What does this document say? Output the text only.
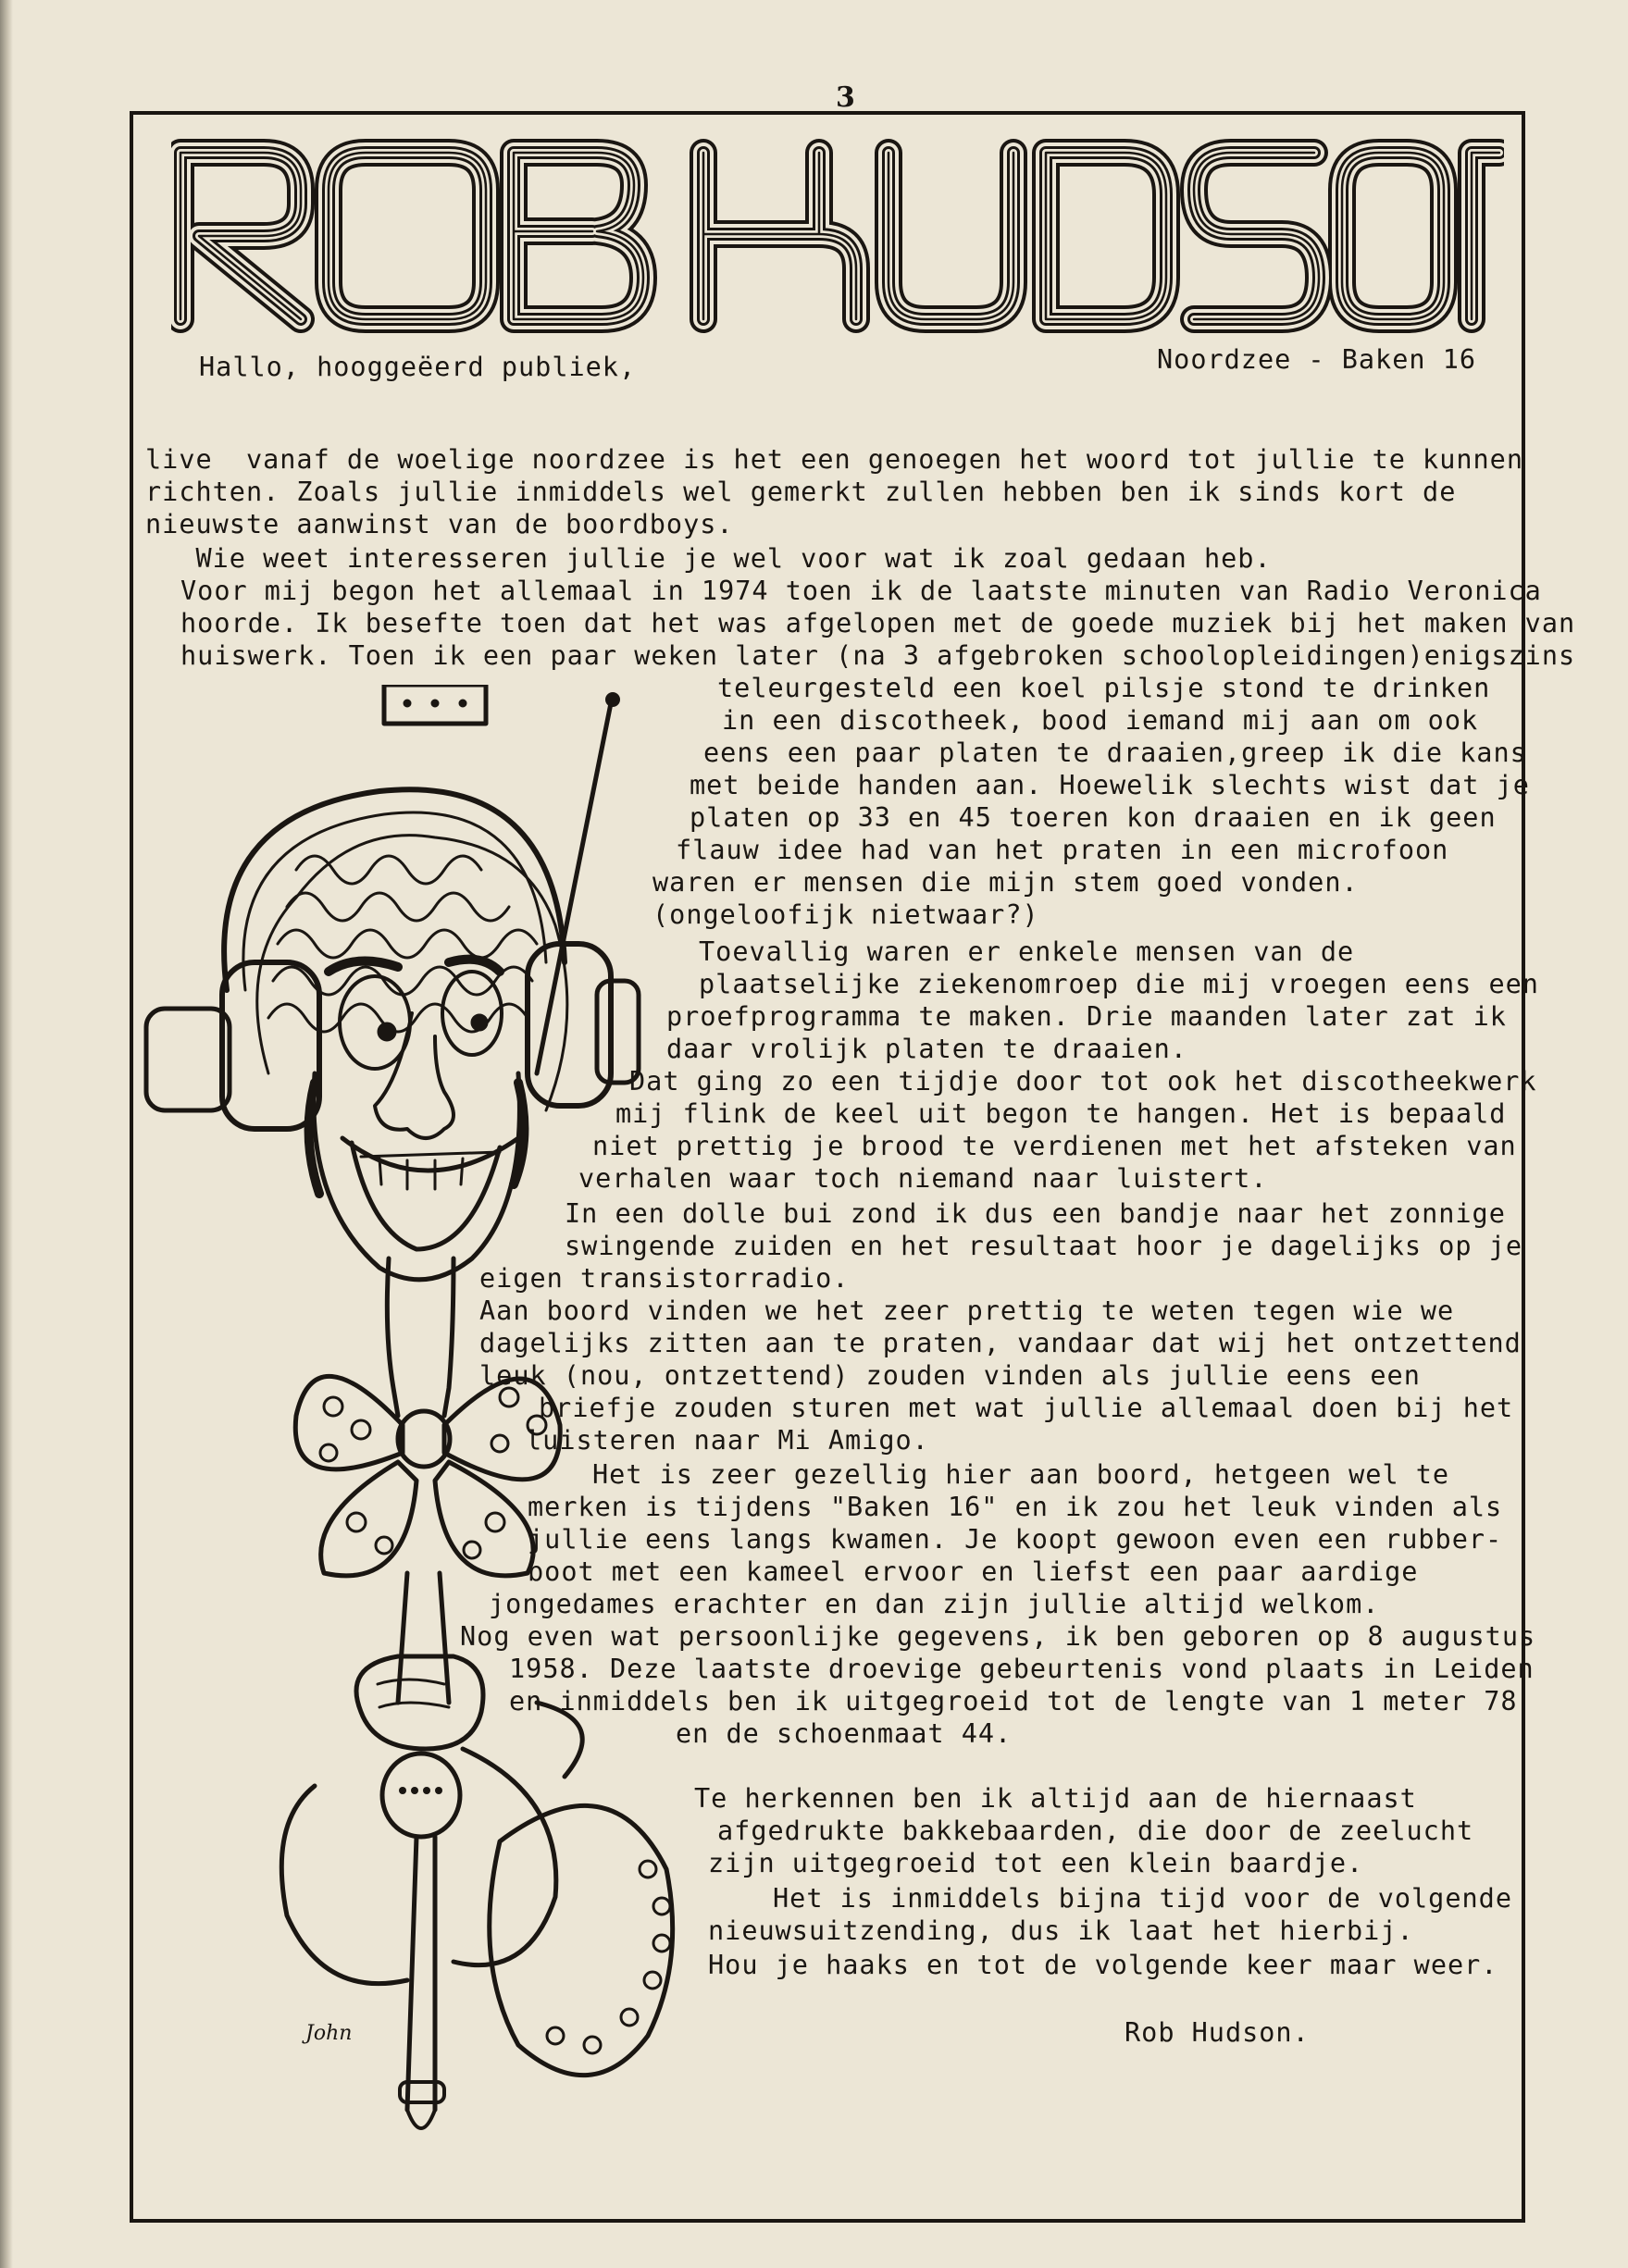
3
Hallo, hooggeëerd publiek,	Noordzee - Baken 16
live  vanaf de woelige noordzee is het een genoegen het woord tot jullie te kunnen
richten. Zoals jullie inmiddels wel gemerkt zullen hebben ben ik sinds kort de
nieuwste aanwinst van de boordboys.
Wie weet interesseren jullie je wel voor wat ik zoal gedaan heb.
Voor mij begon het allemaal in 1974 toen ik de laatste minuten van Radio Veronica
hoorde. Ik besefte toen dat het was afgelopen met de goede muziek bij het maken van
huiswerk. Toen ik een paar weken later (na 3 afgebroken schoolopleidingen)enigszins
teleurgesteld een koel pilsje stond te drinken
in een discotheek, bood iemand mij aan om ook
eens een paar platen te draaien,greep ik die kans
met beide handen aan. Hoewelik slechts wist dat je
platen op 33 en 45 toeren kon draaien en ik geen
flauw idee had van het praten in een microfoon
waren er mensen die mijn stem goed vonden.
(ongeloofijk nietwaar?)
Toevallig waren er enkele mensen van de
plaatselijke ziekenomroep die mij vroegen eens een
proefprogramma te maken. Drie maanden later zat ik
daar vrolijk platen te draaien.
Dat ging zo een tijdje door tot ook het discotheekwerk
mij flink de keel uit begon te hangen. Het is bepaald
niet prettig je brood te verdienen met het afsteken van
verhalen waar toch niemand naar luistert.
In een dolle bui zond ik dus een bandje naar het zonnige
swingende zuiden en het resultaat hoor je dagelijks op je
eigen transistorradio.
Aan boord vinden we het zeer prettig te weten tegen wie we
dagelijks zitten aan te praten, vandaar dat wij het ontzettend
leuk (nou, ontzettend) zouden vinden als jullie eens een
briefje zouden sturen met wat jullie allemaal doen bij het
luisteren naar Mi Amigo.
Het is zeer gezellig hier aan boord, hetgeen wel te
merken is tijdens "Baken 16" en ik zou het leuk vinden als
jullie eens langs kwamen. Je koopt gewoon even een rubber-
boot met een kameel ervoor en liefst een paar aardige
jongedames erachter en dan zijn jullie altijd welkom.
Nog even wat persoonlijke gegevens, ik ben geboren op 8 augustus
1958. Deze laatste droevige gebeurtenis vond plaats in Leiden
en inmiddels ben ik uitgegroeid tot de lengte van 1 meter 78
en de schoenmaat 44.
Te herkennen ben ik altijd aan de hiernaast
afgedrukte bakkebaarden, die door de zeelucht
zijn uitgegroeid tot een klein baardje.
Het is inmiddels bijna tijd voor de volgende
nieuwsuitzending, dus ik laat het hierbij.
Hou je haaks en tot de volgende keer maar weer.
Rob Hudson.
John
